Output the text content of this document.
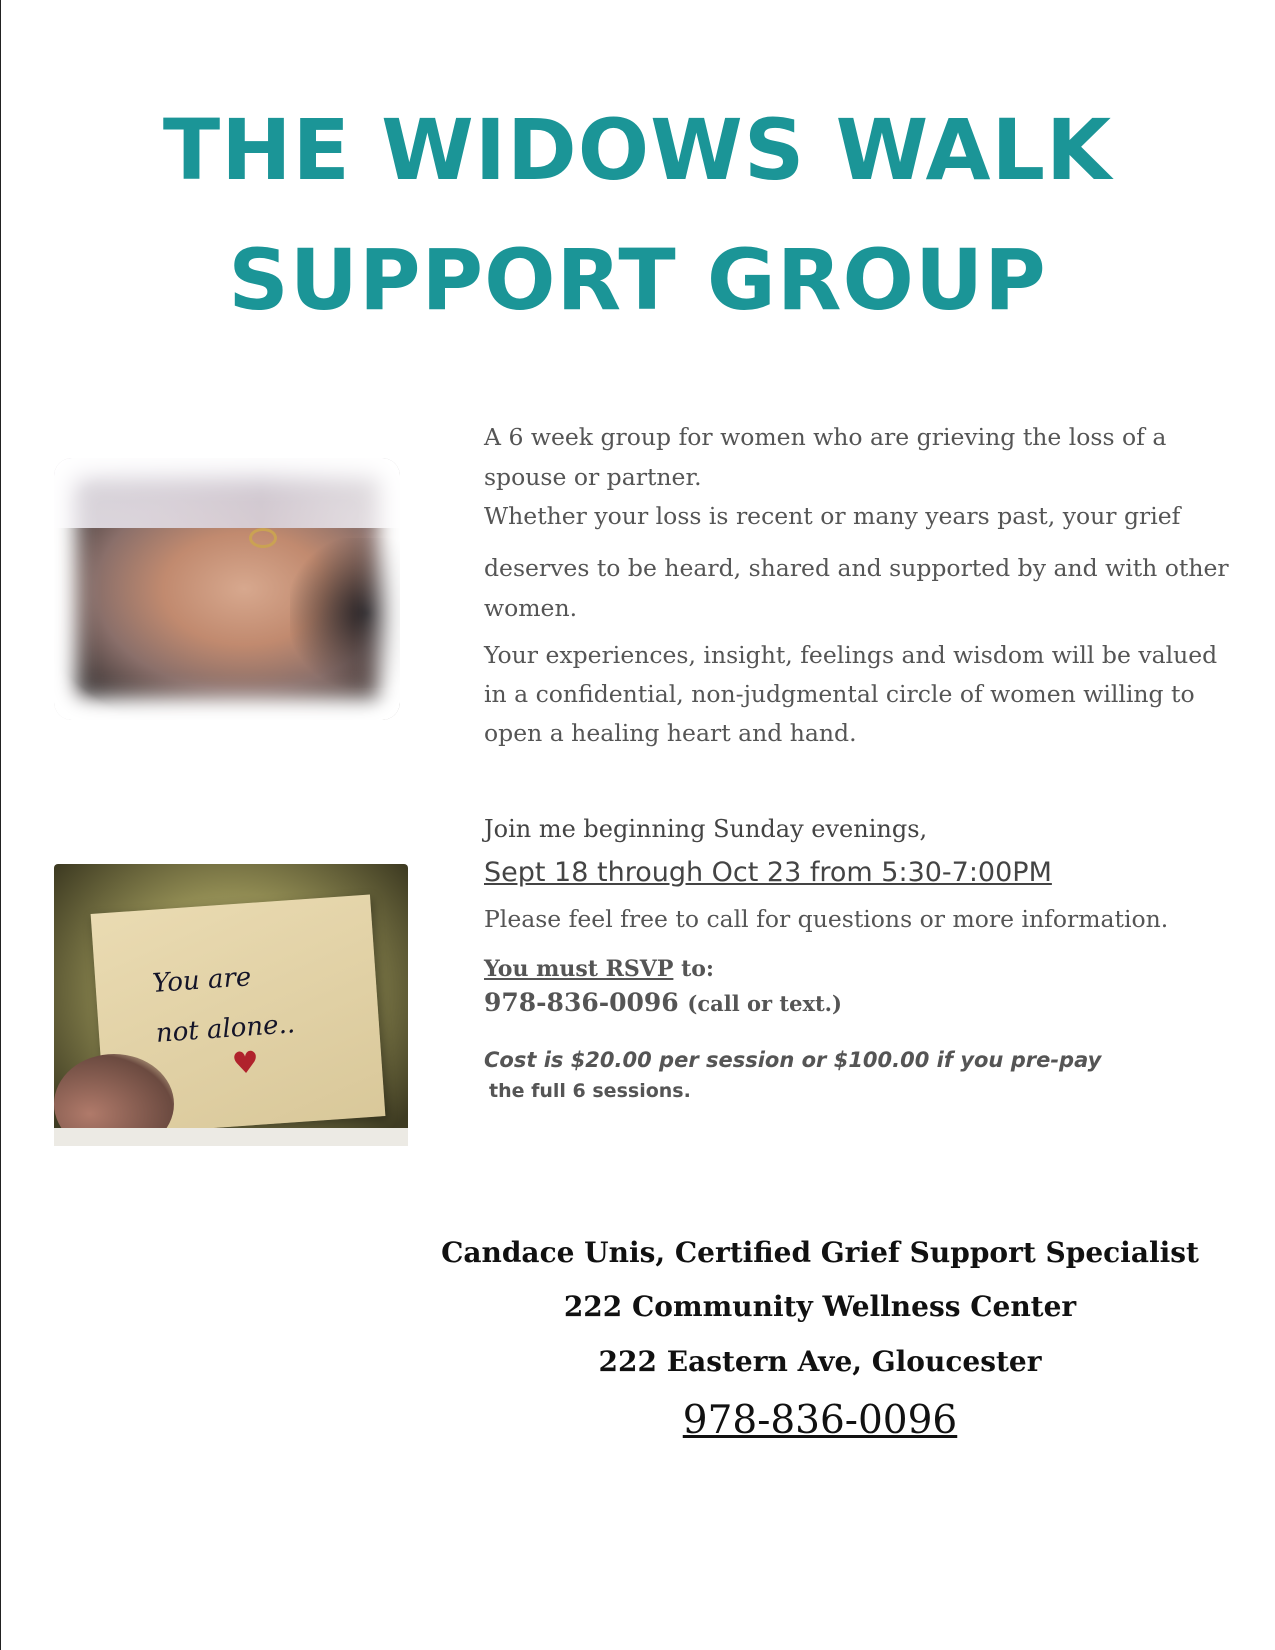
THE WIDOWS WALK
SUPPORT GROUP
You are
not alone..
♥
A 6 week group for women who are grieving the loss of a spouse or partner.
Whether your loss is recent or many years past, your grief
deserves to be heard, shared and supported by and with other women.
Your experiences, insight, feelings and wisdom will be valued in a confidential, non-judgmental circle of women willing to open a healing heart and hand.
Join me beginning Sunday evenings,
Sept 18 through Oct 23 from 5:30-7:00PM
Please feel free to call for questions or more information.
You must RSVP to:
978-836-0096 (call or text.)
Cost is $20.00 per session or $100.00 if you pre-pay
the full 6 sessions.
Candace Unis, Certified Grief Support Specialist
222 Community Wellness Center
222 Eastern Ave, Gloucester
978-836-0096
